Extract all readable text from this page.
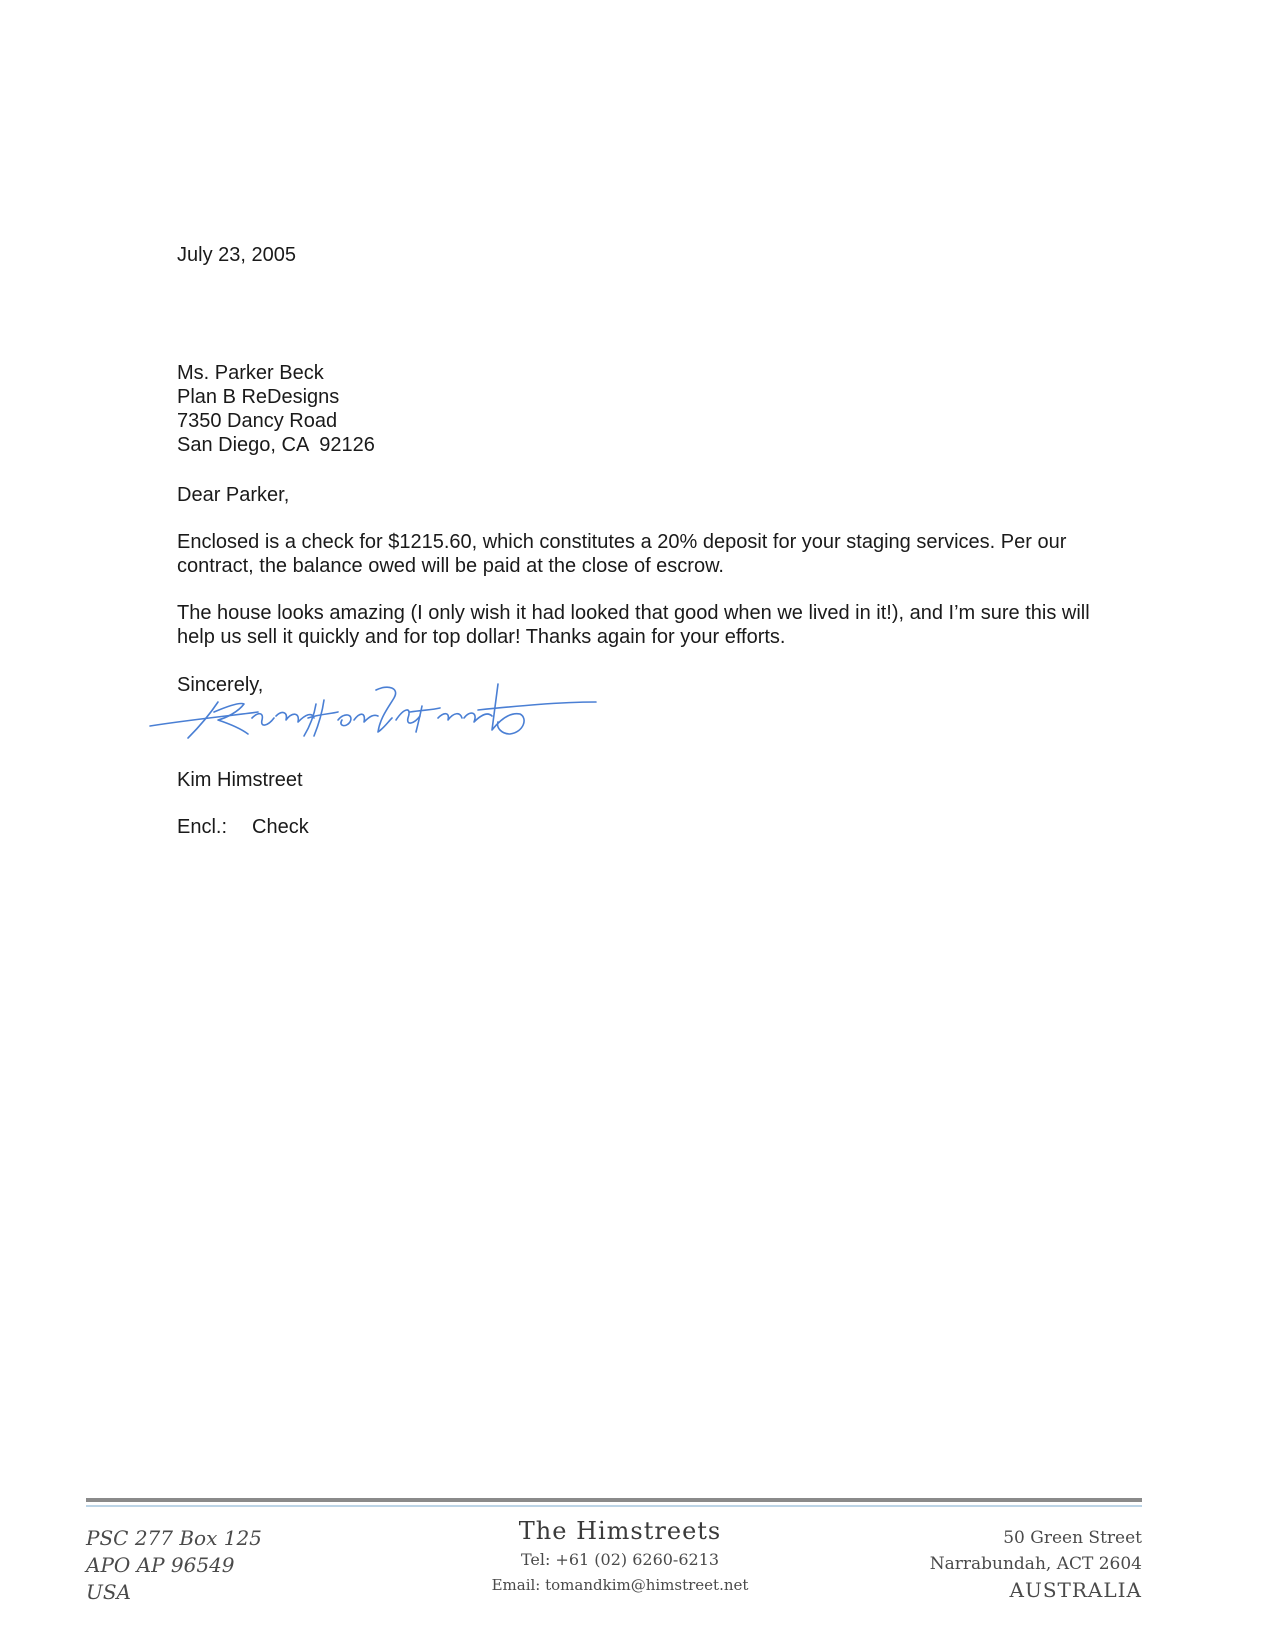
July 23, 2005
Ms. Parker Beck
Plan B ReDesigns
7350 Dancy Road
San Diego, CA  92126
Dear Parker,
Enclosed is a check for $1215.60, which constitutes a 20% deposit for your staging services. Per our contract, the balance owed will be paid at the close of escrow.
The house looks amazing (I only wish it had looked that good when we lived in it!), and I’m sure this will help us sell it quickly and for top dollar! Thanks again for your efforts.
Sincerely,
Kim Himstreet
Encl.: Check
PSC 277 Box 125
APO AP 96549
USA
The Himstreets
Tel: +61 (02) 6260-6213
Email: tomandkim@himstreet.net
50 Green Street
Narrabundah, ACT 2604
AUSTRALIA
